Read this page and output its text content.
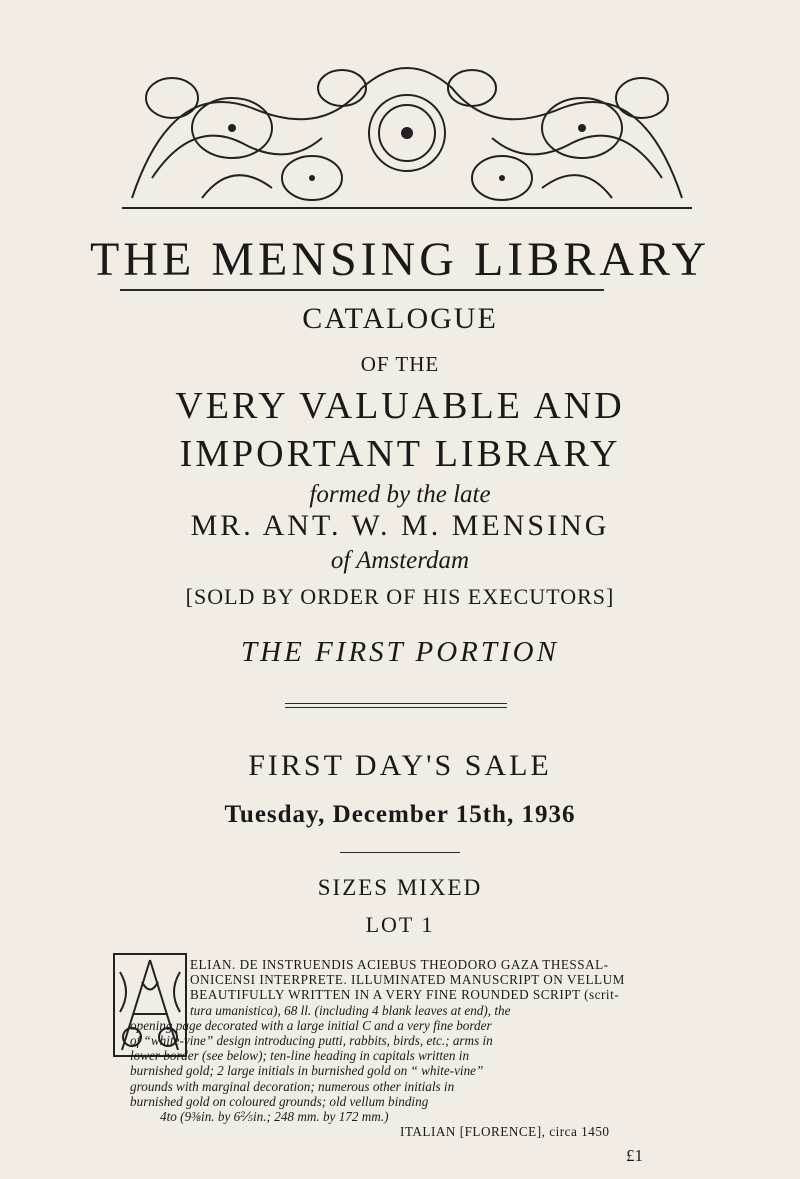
THE MENSING LIBRARY
CATALOGUE
OF THE
VERY VALUABLE AND
IMPORTANT LIBRARY
formed by the late
MR. ANT. W. M. MENSING
of Amsterdam
[SOLD BY ORDER OF HIS EXECUTORS]
THE FIRST PORTION
FIRST DAY'S SALE
Tuesday, December 15th, 1936
SIZES MIXED
LOT 1
ELIAN. DE INSTRUENDIS ACIEBUS THEODORO GAZA THESSAL-
ONICENSI INTERPRETE. ILLUMINATED MANUSCRIPT ON VELLUM
BEAUTIFULLY WRITTEN IN A VERY FINE ROUNDED SCRIPT (scrit-
tura umanistica), 68 ll. (including 4 blank leaves at end), the
opening page decorated with a large initial C and a very fine border
of “white-vine” design introducing putti, rabbits, birds, etc.; arms in
lower border (see below); ten-line heading in capitals written in
burnished gold; 2 large initials in burnished gold on “ white-vine”
grounds with marginal decoration; numerous other initials in
burnished gold on coloured grounds; old vellum binding
4to (9⅜in. by 6⅖in.; 248 mm. by 172 mm.)
ITALIAN [FLORENCE], circa 1450
£1
